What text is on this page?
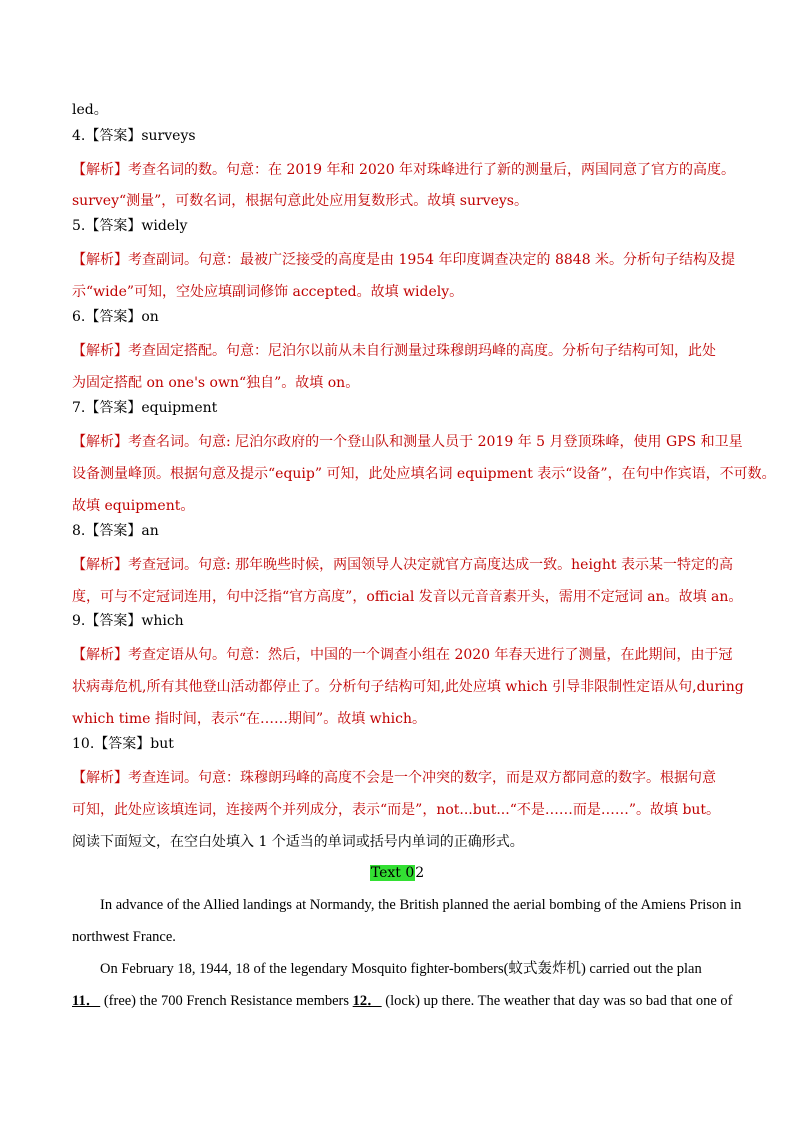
led。
4.【答案】surveys
【解析】考查名词的数。句意：在 2019 年和 2020 年对珠峰进行了新的测量后，两国同意了官方的高度。
survey“测量”，可数名词，根据句意此处应用复数形式。故填 surveys。
5.【答案】widely
【解析】考查副词。句意：最被广泛接受的高度是由 1954 年印度调查决定的 8848 米。分析句子结构及提
示“wide”可知，空处应填副词修饰 accepted。故填 widely。
6.【答案】on
【解析】考查固定搭配。句意：尼泊尔以前从未自行测量过珠穆朗玛峰的高度。分析句子结构可知，此处
为固定搭配 on one's own“独自”。故填 on。
7.【答案】equipment
【解析】考查名词。句意: 尼泊尔政府的一个登山队和测量人员于 2019 年 5 月登顶珠峰，使用 GPS 和卫星
设备测量峰顶。根据句意及提示“equip” 可知，此处应填名词 equipment 表示“设备”，在句中作宾语，不可数。
故填 equipment。
8.【答案】an
【解析】考查冠词。句意: 那年晚些时候，两国领导人决定就官方高度达成一致。height 表示某一特定的高
度，可与不定冠词连用，句中泛指“官方高度”，official 发音以元音音素开头，需用不定冠词 an。故填 an。
9.【答案】which
【解析】考查定语从句。句意：然后，中国的一个调查小组在 2020 年春天进行了测量，在此期间，由于冠
状病毒危机,所有其他登山活动都停止了。分析句子结构可知,此处应填 which 引导非限制性定语从句,during
which time 指时间，表示“在……期间”。故填 which。
10.【答案】but
【解析】考查连词。句意：珠穆朗玛峰的高度不会是一个冲突的数字，而是双方都同意的数字。根据句意
可知，此处应该填连词，连接两个并列成分，表示“而是”，not...but...“不是……而是……”。故填 but。
阅读下面短文，在空白处填入 1 个适当的单词或括号内单词的正确形式。
Text 02
In advance of the Allied landings at Normandy, the British planned the aerial bombing of the Amiens Prison in
northwest France.
On February 18, 1944, 18 of the legendary Mosquito fighter-bombers(蚊式轰炸机) carried out the plan
11． (free) the 700 French Resistance members 12． (lock) up there. The weather that day was so bad that one of
